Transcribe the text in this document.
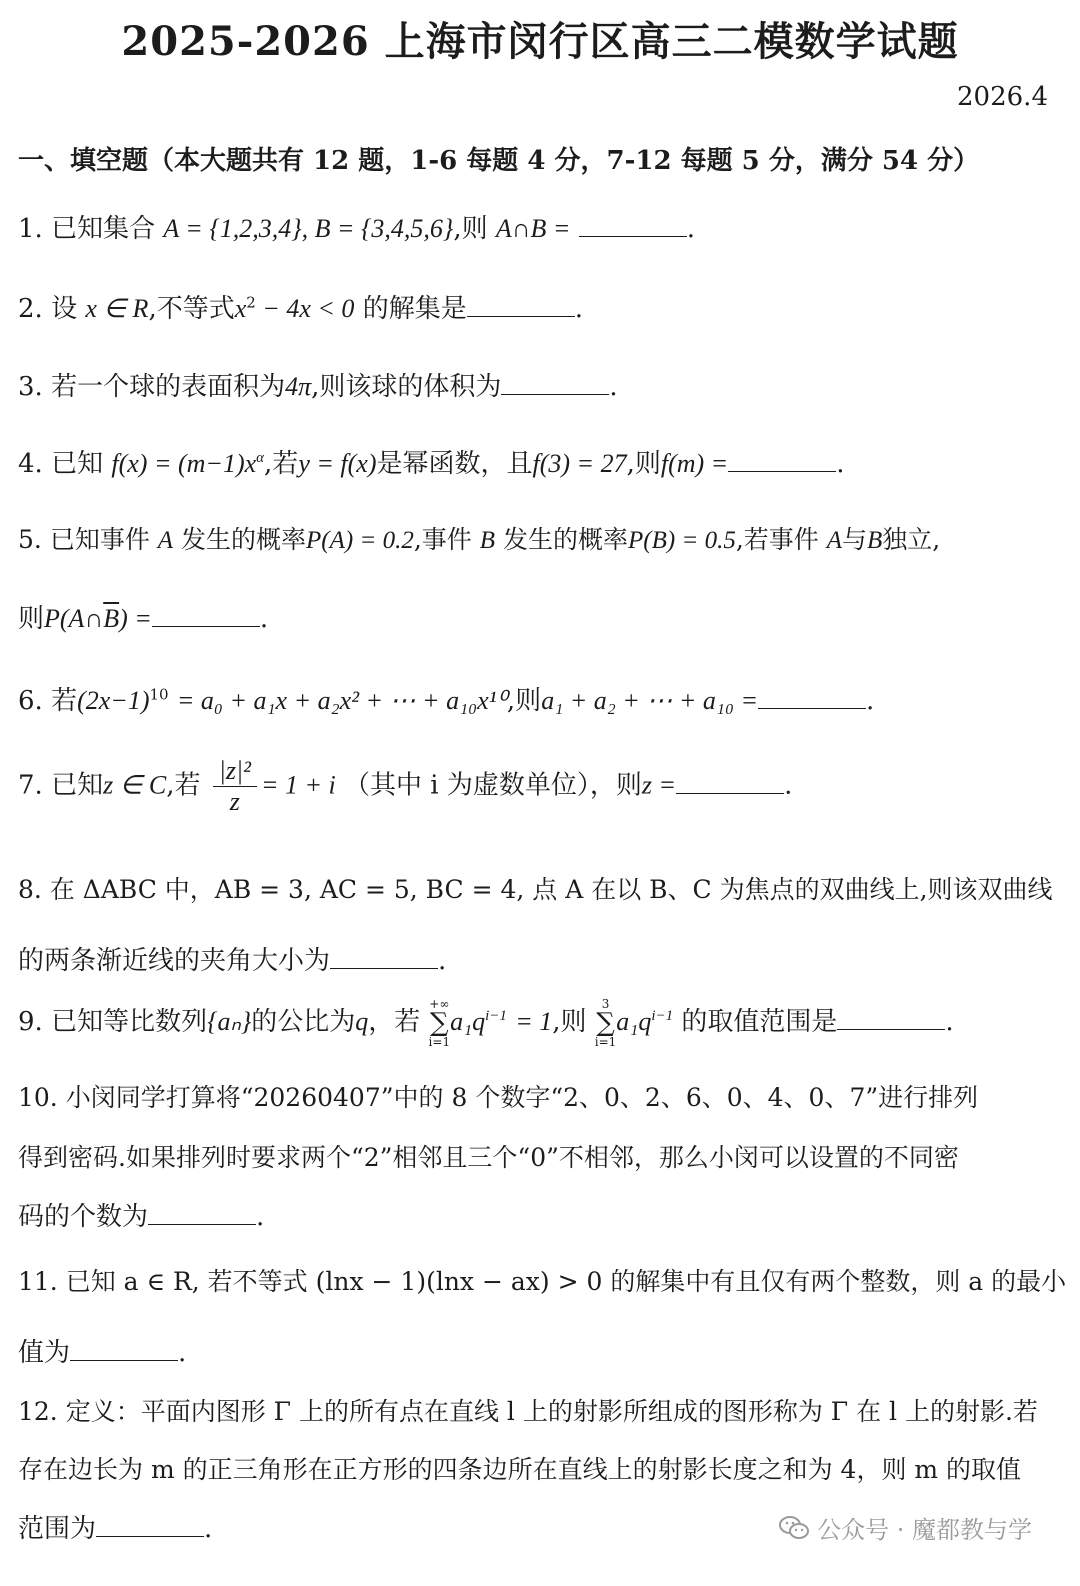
2025-2026 上海市闵行区高三二模数学试题
2026.4
一、填空题（本大题共有 12 题，1-6 每题 4 分，7-12 每题 5 分，满分 54 分）
1. 已知集合 A = {1,2,3,4}, B = {3,4,5,6},则 A∩B =	.
2. 设 x ∈ R,不等式$x^2 - 4x < 0$ 的解集是	.
3. 若一个球的表面积为4π,则该球的体积为	.
4. 已知 $f(x) = (m-1)x^\alpha$,若y = f(x)是幂函数，且f(3) = 27,则f(m) =	.
5. 已知事件 A 发生的概率P(A) = 0.2,事件 B 发生的概率P(B) = 0.5,若事件 A与B独立,
则$P(A\cap\overline{B})$ =	.
6. 若$(2x-1)^{10} = a_0 + a_1x + a_2x^2$ + ⋯ + a₁₀x¹⁰,则a₁ + a₂ + ⋯ + a₁₀ =	.
7. 已知z ∈ C,若 $\frac{\text{|z|²}}{z} = 1 + i$ （其中 i 为虚数单位），则z =	.
8. 在 ΔABC 中，AB = 3, AC = 5, BC = 4, 点 A 在以 B、C 为焦点的双曲线上,则该双曲线
的两条渐近线的夹角大小为	.
9. 已知等比数列{aₙ}的公比为q，若
+∞
∑
i=1
$a_1q^{i-1} = 1$,则
3
∑
i=1
$a_1q^{i-1}$ 的取值范围是	.
10. 小闵同学打算将“20260407”中的 8 个数字“2、0、2、6、0、4、0、7”进行排列
得到密码.如果排列时要求两个“2”相邻且三个“0”不相邻，那么小闵可以设置的不同密
码的个数为	.
11. 已知 a ∈ R, 若不等式 (lnx − 1)(lnx − ax) > 0 的解集中有且仅有两个整数，则 a 的最小
值为	.
12. 定义：平面内图形 Γ 上的所有点在直线 l 上的射影所组成的图形称为 Γ 在 l 上的射影.若
存在边长为 m 的正三角形在正方形的四条边所在直线上的射影长度之和为 4，则 m 的取值
范围为	.	公众号 · 魔都教与学
